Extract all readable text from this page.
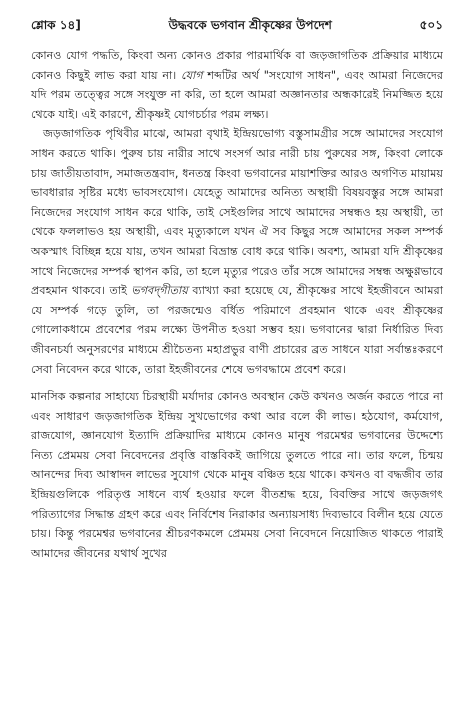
শ্লোক ১৪]	উদ্ধবকে ভগবান শ্রীকৃষ্ণের উপদেশ	৫০১

কোনও যোগ পদ্ধতি, কিংবা অন্য কোনও প্রকার পারমার্থিক বা জড়জাগতিক প্রক্রিয়ার মাধ্যমে কোনও কিছুই লাভ করা যায় না। যোগ শব্দটির অর্থ "সংযোগ সাধন", এবং আমরা নিজেদের যদি পরম তত্ত্বের সঙ্গে সংযুক্ত না করি, তা হলে আমরা অজ্ঞানতার অন্ধকারেই নিমজ্জিত হয়ে থেকে যাই। এই কারণে, শ্রীকৃষ্ণই যোগচর্চার পরম লক্ষ্য।

জড়জাগতিক পৃথিবীর মাঝে, আমরা বৃথাই ইন্দ্রিয়ভোগ্য বস্তুসামগ্রীর সঙ্গে আমাদের সংযোগ সাধন করতে থাকি। পুরুষ চায় নারীর সাথে সংসর্গ আর নারী চায় পুরুষের সঙ্গ, কিংবা লোকে চায় জাতীয়তাবাদ, সমাজতন্ত্রবাদ, ধনতন্ত্র কিংবা ভগবানের মায়াশক্তির আরও অগণিত মায়াময় ভাবধারার সৃষ্টির মধ্যে ভাবসংযোগ। যেহেতু আমাদের অনিত্য অস্থায়ী বিষয়বস্তুর সঙ্গে আমরা নিজেদের সংযোগ সাধন করে থাকি, তাই সেইগুলির সাথে আমাদের সম্বন্ধও হয় অস্থায়ী, তা থেকে ফললাভও হয় অস্থায়ী, এবং মৃত্যুকালে যখন ঐ সব কিছুর সঙ্গে আমাদের সকল সম্পর্ক অকস্মাৎ বিচ্ছিন্ন হয়ে যায়, তখন আমরা বিভ্রান্ত বোধ করে থাকি। অবশ্য, আমরা যদি শ্রীকৃষ্ণের সাথে নিজেদের সম্পর্ক স্থাপন করি, তা হলে মৃত্যুর পরেও তাঁর সঙ্গে আমাদের সম্বন্ধ অক্ষুণ্ণভাবে প্রবহমান থাকবে। তাই ভগবদ্‌গীতায় ব্যাখ্যা করা হয়েছে যে, শ্রীকৃষ্ণের সাথে ইহজীবনে আমরা যে সম্পর্ক গড়ে তুলি, তা পরজন্মেও বর্ধিত পরিমাণে প্রবহমান থাকে এবং শ্রীকৃষ্ণের গোলোকধামে প্রবেশের পরম লক্ষ্যে উপনীত হওয়া সম্ভব হয়। ভগবানের দ্বারা নির্ধারিত দিব্য জীবনচর্যা অনুসরণের মাধ্যমে শ্রীচৈতন্য মহাপ্রভুর বাণী প্রচারের ব্রত সাধনে যারা সর্বান্তঃকরণে সেবা নিবেদন করে থাকে, তারা ইহজীবনের শেষে ভগবদ্ধামে প্রবেশ করে।

মানসিক কল্পনার সাহায্যে চিরস্থায়ী মর্যাদার কোনও অবস্থান কেউ কখনও অর্জন করতে পারে না এবং সাধারণ জড়জাগতিক ইন্দ্রিয় সুখভোগের কথা আর বলে কী লাভ। হঠযোগ, কর্মযোগ, রাজযোগ, জ্ঞানযোগ ইত্যাদি প্রক্রিয়াদির মাধ্যমে কোনও মানুষ পরমেশ্বর ভগবানের উদ্দেশ্যে নিত্য প্রেমময় সেবা নিবেদনের প্রবৃত্তি বাস্তবিকই জাগিয়ে তুলতে পারে না। তার ফলে, চিন্ময় আনন্দের দিব্য আস্বাদন লাভের সুযোগ থেকে মানুষ বঞ্চিত হয়ে থাকে। কখনও বা বদ্ধজীব তার ইন্দ্রিয়গুলিকে পরিতৃপ্ত সাধনে ব্যর্থ হওয়ার ফলে বীতশ্রদ্ধ হয়ে, বিবক্তির সাথে জড়জগৎ পরিত্যাগের সিদ্ধান্ত গ্রহণ করে এবং নির্বিশেষ নিরাকার অন্যায়সাধ্য দিব্যভাবে বিলীন হয়ে যেতে চায়। কিন্তু পরমেশ্বর ভগবানের শ্রীচরণকমলে প্রেমময় সেবা নিবেদনে নিয়োজিত থাকতে পারাই আমাদের জীবনের যথার্থ সুখের
